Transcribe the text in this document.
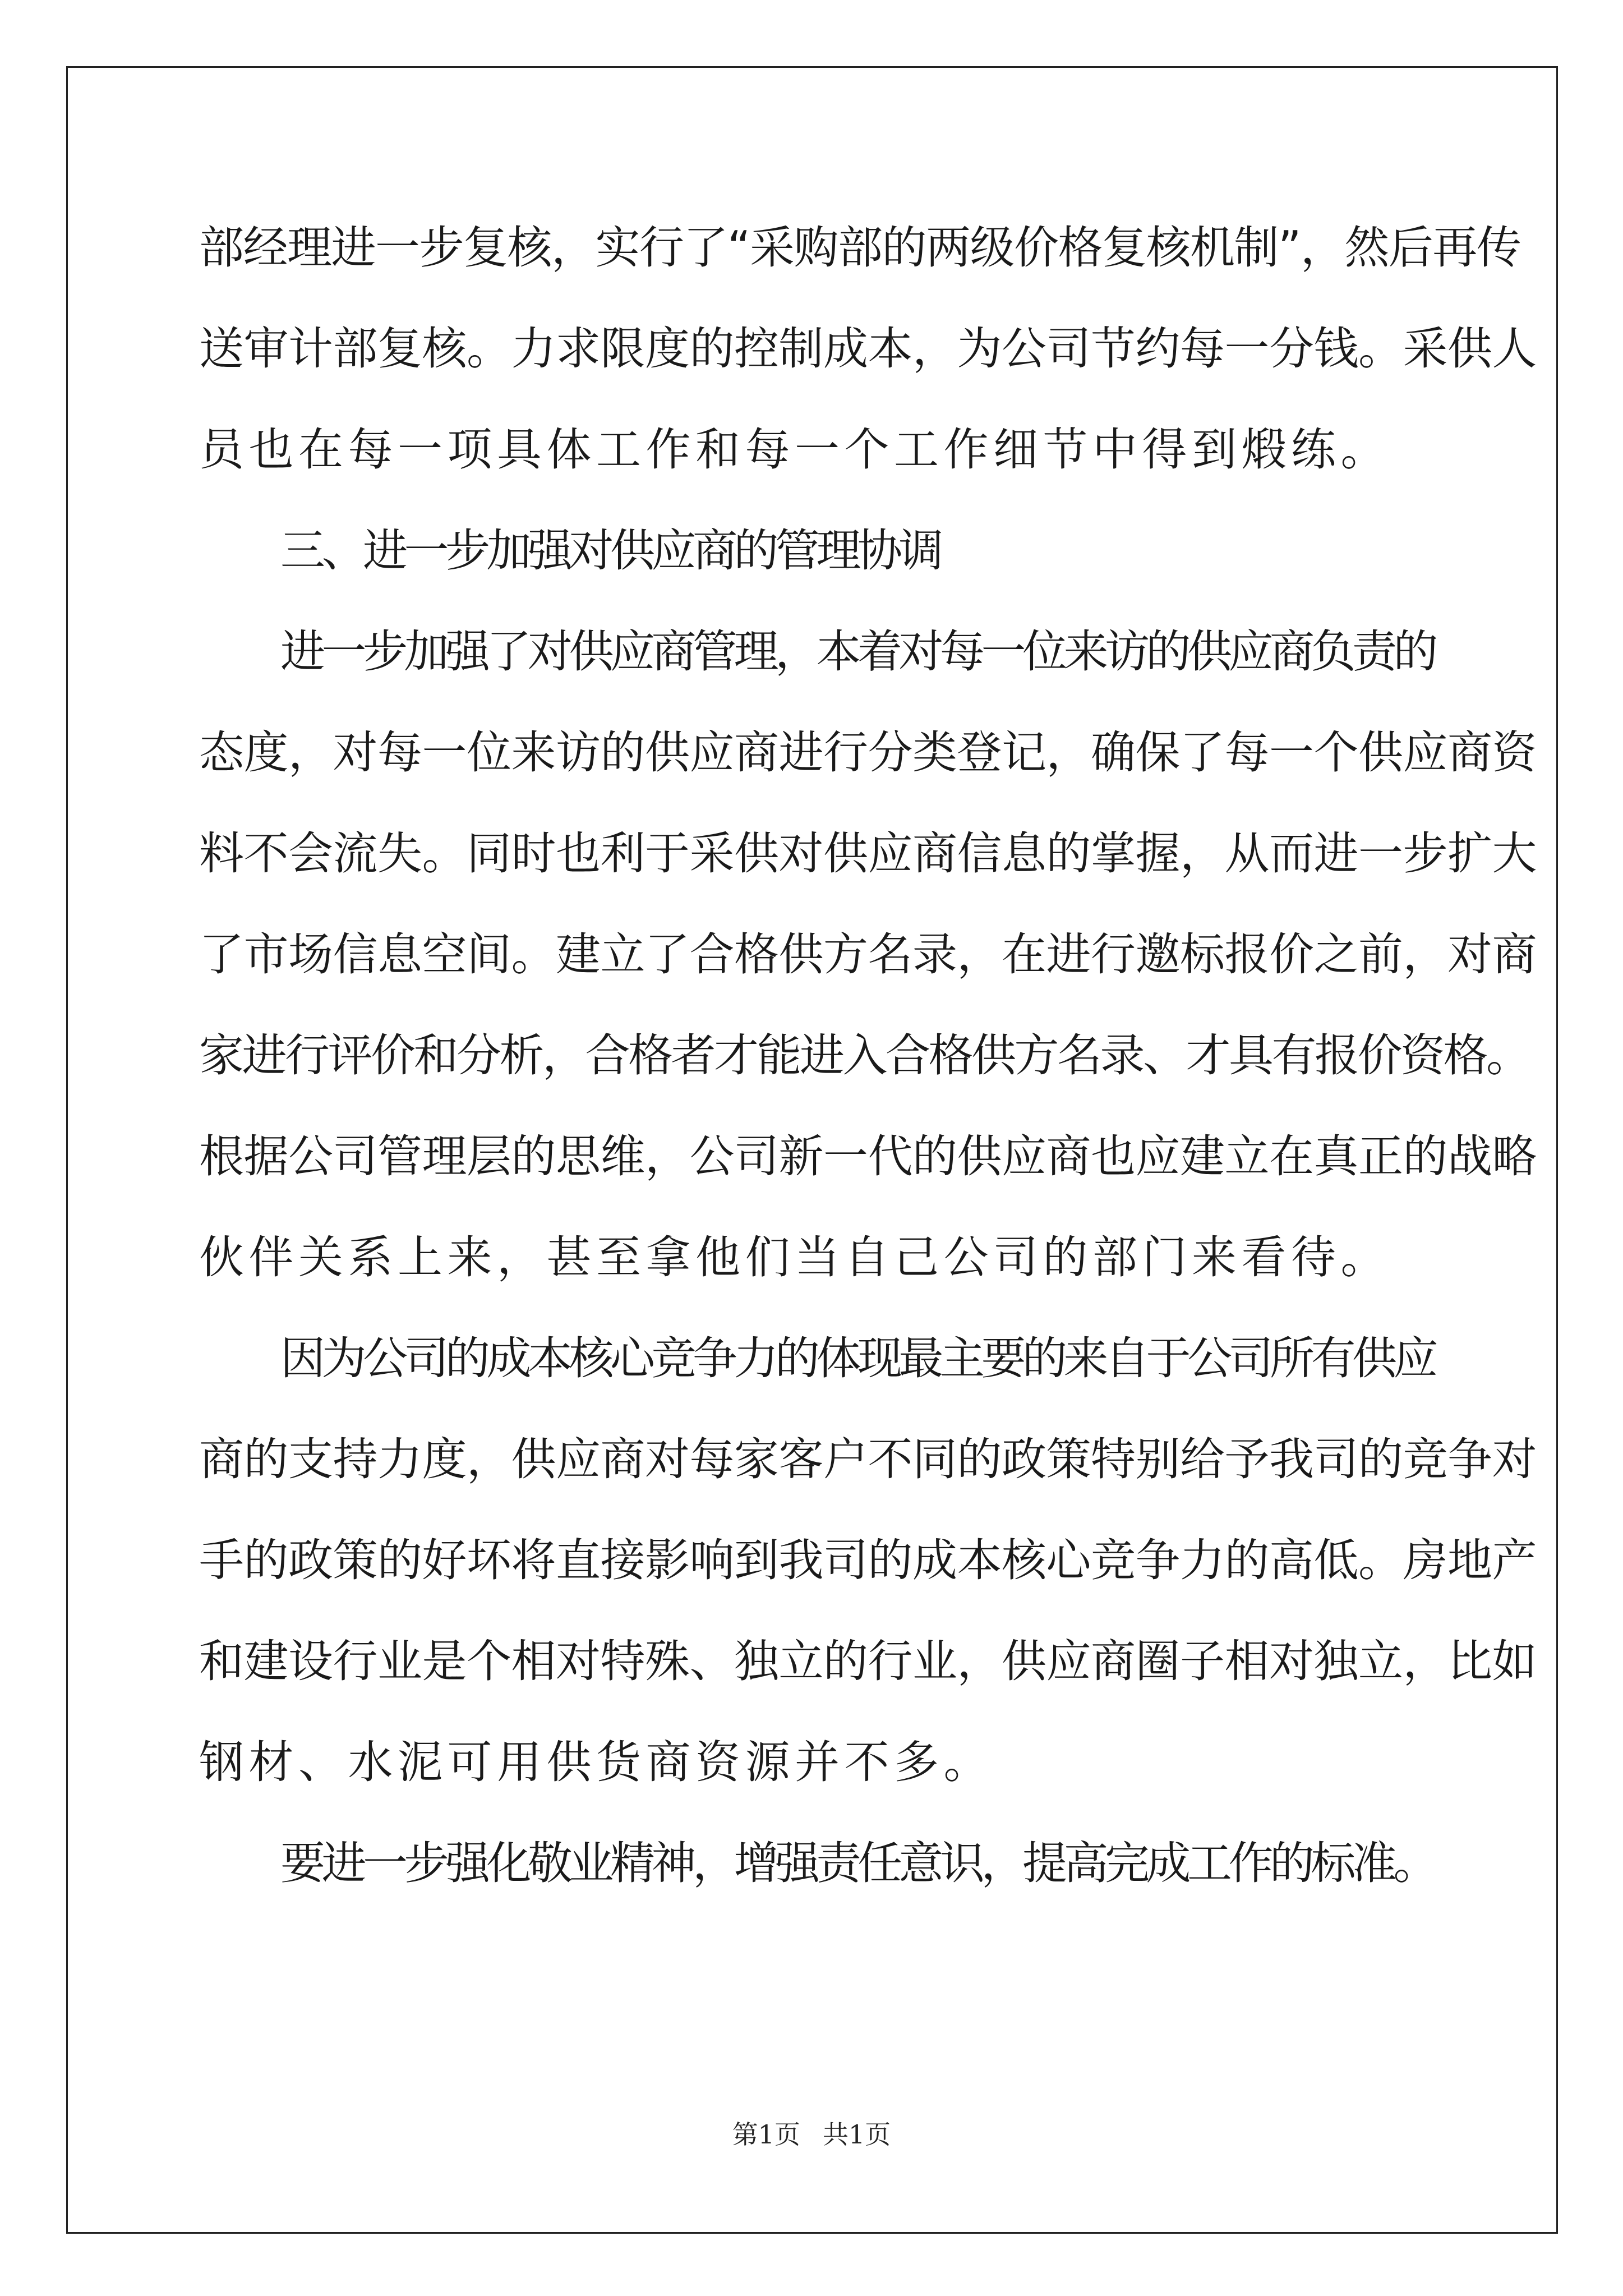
部经理进一步复核，实行了“采购部的两级价格复核机制”，然后再传

送审计部复核。力求限度的控制成本，为公司节约每一分钱。采供人

员也在每一项具体工作和每一个工作细节中得到煅练。

三、进一步加强对供应商的管理协调

进一步加强了对供应商管理，本着对每一位来访的供应商负责的

态度，对每一位来访的供应商进行分类登记，确保了每一个供应商资

料不会流失。同时也利于采供对供应商信息的掌握，从而进一步扩大

了市场信息空间。建立了合格供方名录，在进行邀标报价之前，对商

家进行评价和分析，合格者才能进入合格供方名录、才具有报价资格。

根据公司管理层的思维，公司新一代的供应商也应建立在真正的战略

伙伴关系上来，甚至拿他们当自己公司的部门来看待。

因为公司的成本核心竞争力的体现最主要的来自于公司所有供应

商的支持力度，供应商对每家客户不同的政策特别给予我司的竞争对

手的政策的好坏将直接影响到我司的成本核心竞争力的高低。房地产

和建设行业是个相对特殊、独立的行业，供应商圈子相对独立，比如

钢材、水泥可用供货商资源并不多。

要进一步强化敬业精神，增强责任意识，提高完成工作的标准。

第1页 共1页
